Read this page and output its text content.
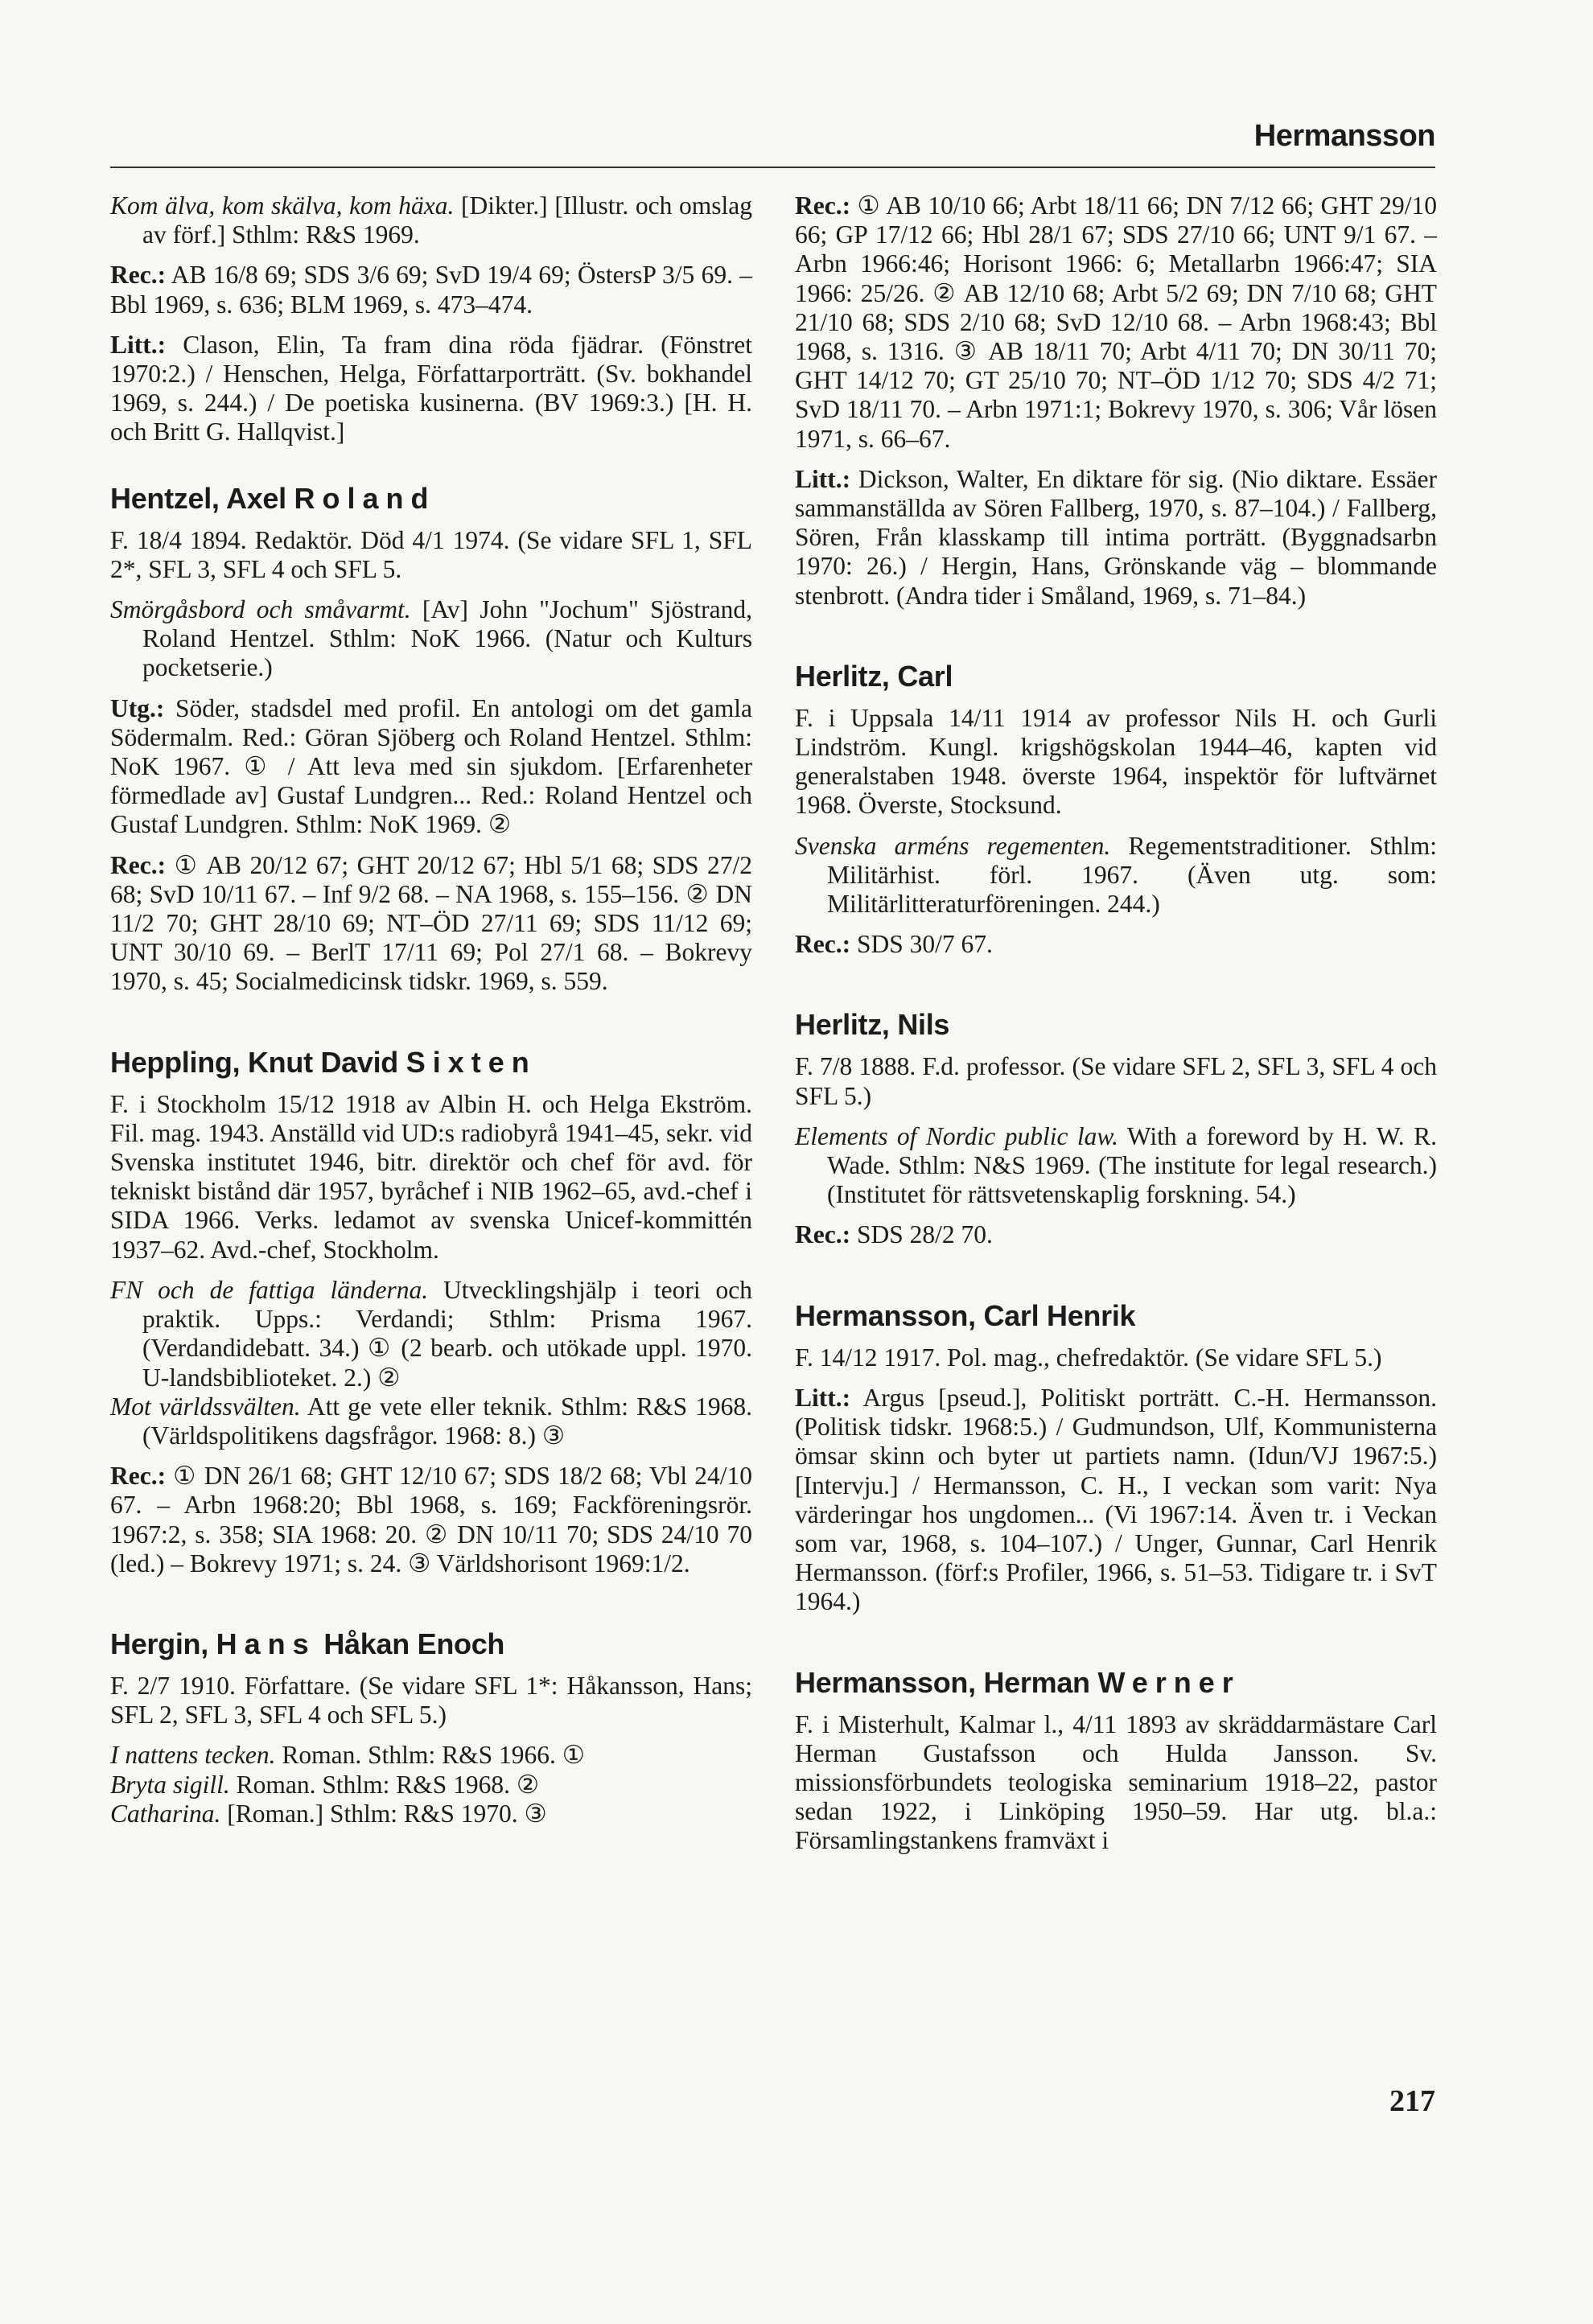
Hermansson

Kom älva, kom skälva, kom häxa. [Dikter.] [Illustr. och omslag av förf.] Sthlm: R&S 1969.

Rec.: AB 16/8 69; SDS 3/6 69; SvD 19/4 69; ÖstersP 3/5 69. – Bbl 1969, s. 636; BLM 1969, s. 473–474.

Litt.: Clason, Elin, Ta fram dina röda fjädrar. (Fönstret 1970:2.) / Henschen, Helga, Författarporträtt. (Sv. bokhandel 1969, s. 244.) / De poetiska kusinerna. (BV 1969:3.) [H. H. och Britt G. Hallqvist.]

Hentzel, Axel Roland

F. 18/4 1894. Redaktör. Död 4/1 1974. (Se vidare SFL 1, SFL 2*, SFL 3, SFL 4 och SFL 5.

Smörgåsbord och småvarmt. [Av] John "Jochum" Sjöstrand, Roland Hentzel. Sthlm: NoK 1966. (Natur och Kulturs pocketserie.)

Utg.: Söder, stadsdel med profil. En antologi om det gamla Södermalm. Red.: Göran Sjöberg och Roland Hentzel. Sthlm: NoK 1967. ① / Att leva med sin sjukdom. [Erfarenheter förmedlade av] Gustaf Lundgren... Red.: Roland Hentzel och Gustaf Lundgren. Sthlm: NoK 1969. ②

Rec.: ① AB 20/12 67; GHT 20/12 67; Hbl 5/1 68; SDS 27/2 68; SvD 10/11 67. – Inf 9/2 68. – NA 1968, s. 155–156. ② DN 11/2 70; GHT 28/10 69; NT–ÖD 27/11 69; SDS 11/12 69; UNT 30/10 69. – BerlT 17/11 69; Pol 27/1 68. – Bokrevy 1970, s. 45; Socialmedicinsk tidskr. 1969, s. 559.

Heppling, Knut David Sixten

F. i Stockholm 15/12 1918 av Albin H. och Helga Ekström. Fil. mag. 1943. Anställd vid UD:s radiobyrå 1941–45, sekr. vid Svenska institutet 1946, bitr. direktör och chef för avd. för tekniskt bistånd där 1957, byråchef i NIB 1962–65, avd.-chef i SIDA 1966. Verks. ledamot av svenska Unicef-kommittén 1937–62. Avd.-chef, Stockholm.

FN och de fattiga länderna. Utvecklingshjälp i teori och praktik. Upps.: Verdandi; Sthlm: Prisma 1967. (Verdandidebatt. 34.) ① (2 bearb. och utökade uppl. 1970. U-landsbiblioteket. 2.) ②

Mot världssvälten. Att ge vete eller teknik. Sthlm: R&S 1968. (Världspolitikens dagsfrågor. 1968: 8.) ③

Rec.: ① DN 26/1 68; GHT 12/10 67; SDS 18/2 68; Vbl 24/10 67. – Arbn 1968:20; Bbl 1968, s. 169; Fackföreningsrör. 1967:2, s. 358; SIA 1968: 20. ② DN 10/11 70; SDS 24/10 70 (led.) – Bokrevy 1971; s. 24. ③ Världshorisont 1969:1/2.

Hergin, Hans Håkan Enoch

F. 2/7 1910. Författare. (Se vidare SFL 1*: Håkansson, Hans; SFL 2, SFL 3, SFL 4 och SFL 5.)

I nattens tecken. Roman. Sthlm: R&S 1966. ①

Bryta sigill. Roman. Sthlm: R&S 1968. ②

Catharina. [Roman.] Sthlm: R&S 1970. ③

Rec.: ① AB 10/10 66; Arbt 18/11 66; DN 7/12 66; GHT 29/10 66; GP 17/12 66; Hbl 28/1 67; SDS 27/10 66; UNT 9/1 67. – Arbn 1966:46; Horisont 1966: 6; Metallarbn 1966:47; SIA 1966: 25/26. ② AB 12/10 68; Arbt 5/2 69; DN 7/10 68; GHT 21/10 68; SDS 2/10 68; SvD 12/10 68. – Arbn 1968:43; Bbl 1968, s. 1316. ③ AB 18/11 70; Arbt 4/11 70; DN 30/11 70; GHT 14/12 70; GT 25/10 70; NT–ÖD 1/12 70; SDS 4/2 71; SvD 18/11 70. – Arbn 1971:1; Bokrevy 1970, s. 306; Vår lösen 1971, s. 66–67.

Litt.: Dickson, Walter, En diktare för sig. (Nio diktare. Essäer sammanställda av Sören Fallberg, 1970, s. 87–104.) / Fallberg, Sören, Från klasskamp till intima porträtt. (Byggnadsarbn 1970: 26.) / Hergin, Hans, Grönskande väg – blommande stenbrott. (Andra tider i Småland, 1969, s. 71–84.)

Herlitz, Carl

F. i Uppsala 14/11 1914 av professor Nils H. och Gurli Lindström. Kungl. krigshögskolan 1944–46, kapten vid generalstaben 1948. överste 1964, inspektör för luftvärnet 1968. Överste, Stocksund.

Svenska arméns regementen. Regementstraditioner. Sthlm: Militärhist. förl. 1967. (Även utg. som: Militärlitteraturföreningen. 244.)

Rec.: SDS 30/7 67.

Herlitz, Nils

F. 7/8 1888. F.d. professor. (Se vidare SFL 2, SFL 3, SFL 4 och SFL 5.)

Elements of Nordic public law. With a foreword by H. W. R. Wade. Sthlm: N&S 1969. (The institute for legal research.) (Institutet för rättsvetenskaplig forskning. 54.)

Rec.: SDS 28/2 70.

Hermansson, Carl Henrik

F. 14/12 1917. Pol. mag., chefredaktör. (Se vidare SFL 5.)

Litt.: Argus [pseud.], Politiskt porträtt. C.-H. Hermansson. (Politisk tidskr. 1968:5.) / Gudmundson, Ulf, Kommunisterna ömsar skinn och byter ut partiets namn. (Idun/VJ 1967:5.) [Intervju.] / Hermansson, C. H., I veckan som varit: Nya värderingar hos ungdomen... (Vi 1967:14. Även tr. i Veckan som var, 1968, s. 104–107.) / Unger, Gunnar, Carl Henrik Hermansson. (förf:s Profiler, 1966, s. 51–53. Tidigare tr. i SvT 1964.)

Hermansson, Herman Werner

F. i Misterhult, Kalmar l., 4/11 1893 av skräddarmästare Carl Herman Gustafsson och Hulda Jansson. Sv. missionsförbundets teologiska seminarium 1918–22, pastor sedan 1922, i Linköping 1950–59. Har utg. bl.a.: Församlingstankens framväxt i

217
